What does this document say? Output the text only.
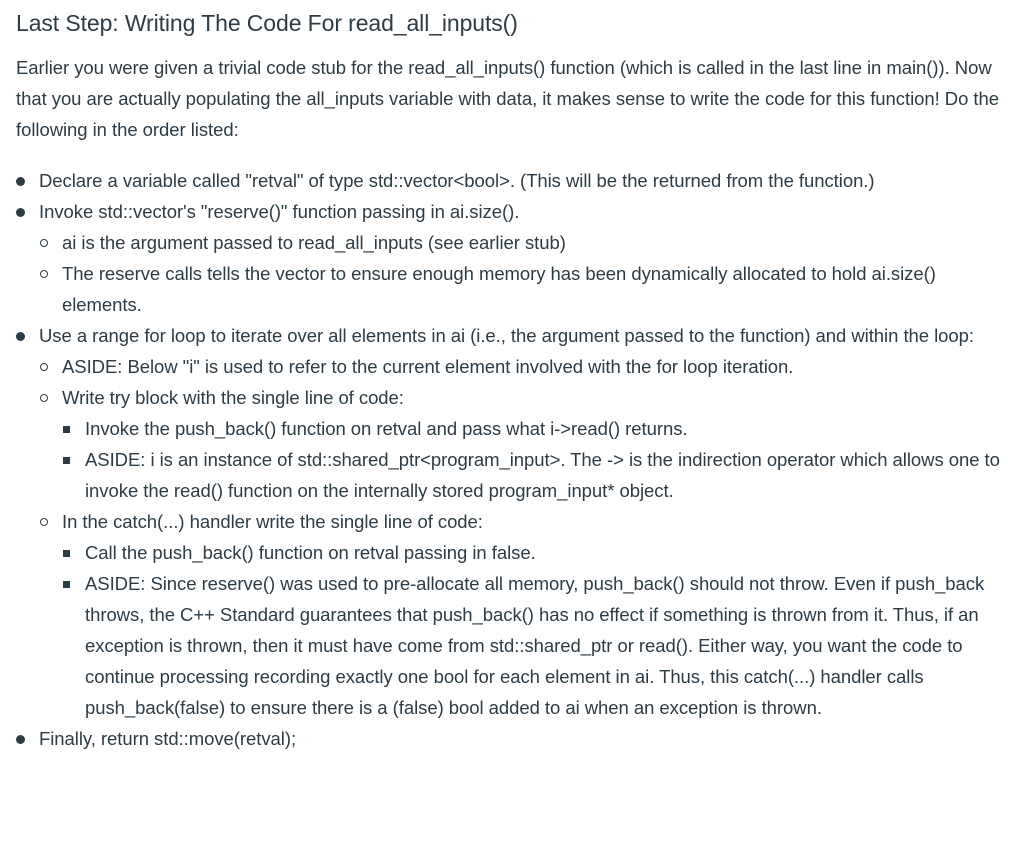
Last Step: Writing The Code For read_all_inputs()

Earlier you were given a trivial code stub for the read_all_inputs() function (which is called in the last line in main()). Now that you are actually populating the all_inputs variable with data, it makes sense to write the code for this function! Do the following in the order listed:

Declare a variable called "retval" of type std::vector<bool>. (This will be the returned from the function.)
Invoke std::vector's "reserve()" function passing in ai.size().
ai is the argument passed to read_all_inputs (see earlier stub)
The reserve calls tells the vector to ensure enough memory has been dynamically allocated to hold ai.size() elements.
Use a range for loop to iterate over all elements in ai (i.e., the argument passed to the function) and within the loop:
ASIDE: Below "i" is used to refer to the current element involved with the for loop iteration.
Write try block with the single line of code:
Invoke the push_back() function on retval and pass what i->read() returns.
ASIDE: i is an instance of std::shared_ptr<program_input>. The -> is the indirection operator which allows one to invoke the read() function on the internally stored program_input* object.
In the catch(...) handler write the single line of code:
Call the push_back() function on retval passing in false.
ASIDE: Since reserve() was used to pre-allocate all memory, push_back() should not throw. Even if push_back throws, the C++ Standard guarantees that push_back() has no effect if something is thrown from it. Thus, if an exception is thrown, then it must have come from std::shared_ptr or read(). Either way, you want the code to continue processing recording exactly one bool for each element in ai. Thus, this catch(...) handler calls push_back(false) to ensure there is a (false) bool added to ai when an exception is thrown.
Finally, return std::move(retval);
